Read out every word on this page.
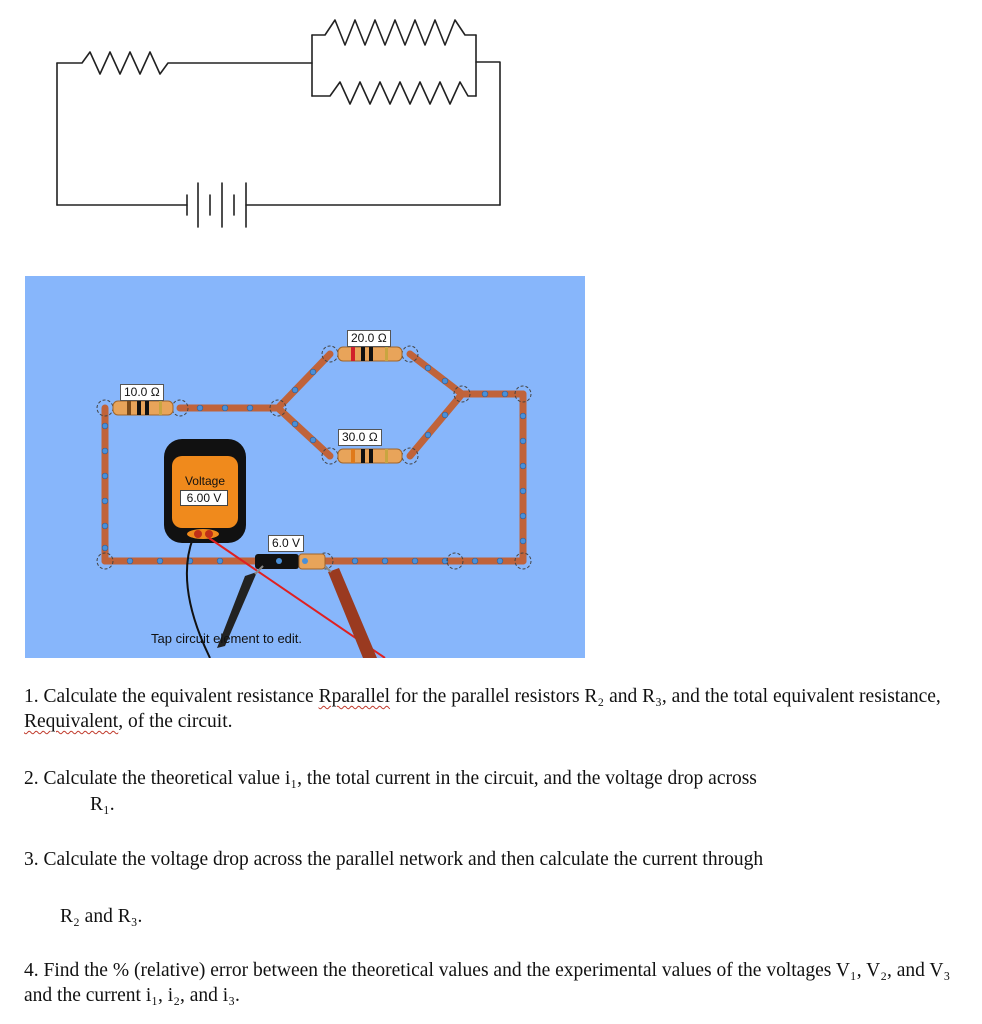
10.0 Ω
20.0 Ω
30.0 Ω
6.0 V
Voltage
6.00 V
Tap circuit element to edit.
1. Calculate the equivalent resistance Rparallel for the parallel resistors R₂ and R₃, and the total equivalent resistance, Requivalent, of the circuit.
2. Calculate the theoretical value i₁, the total current in the circuit, and the voltage drop across
R₁.
3. Calculate the voltage drop across the parallel network and then calculate the current through
R₂ and R₃.
4. Find the % (relative) error between the theoretical values and the experimental values of the voltages V₁, V₂, and V₃ and the current i₁, i₂, and i₃.
